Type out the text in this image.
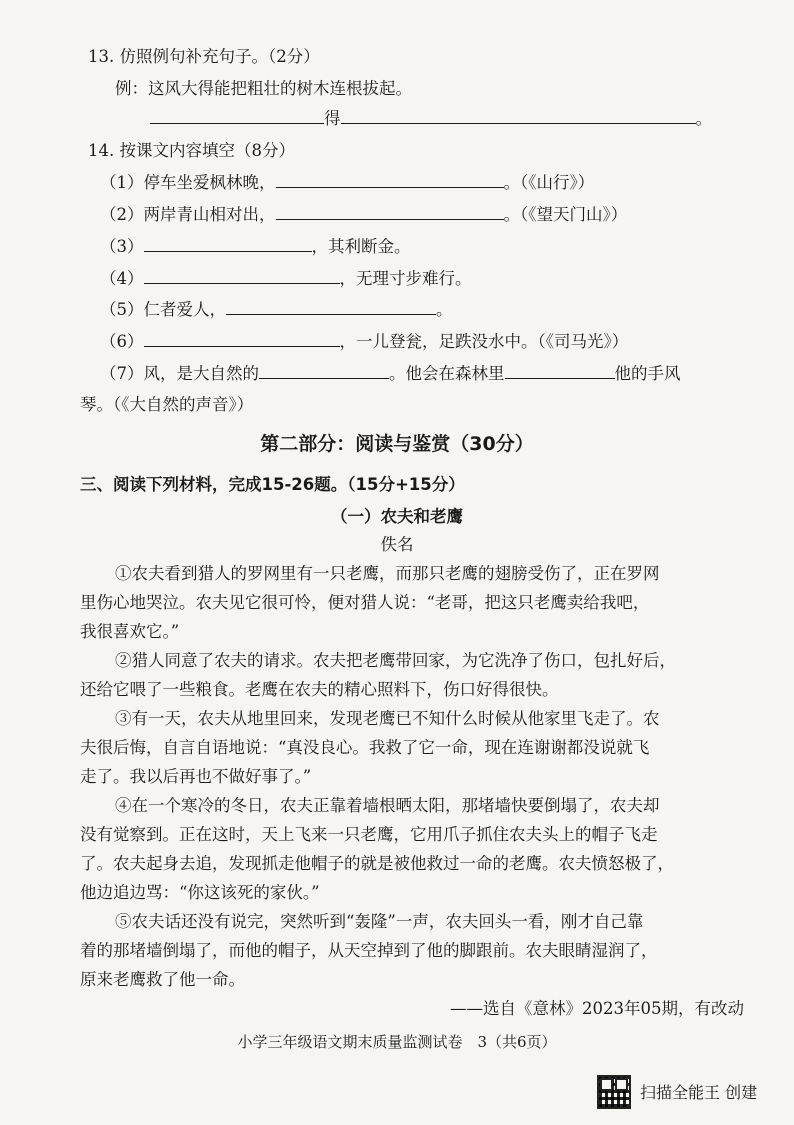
13. 仿照例句补充句子。（2分）
例：这风大得能把粗壮的树木连根拔起。
得	。
14. 按课文内容填空（8分）
（1）停车坐爱枫林晚，	。（《山行》）
（2）两岸青山相对出，	。（《望天门山》）
（3）	，其利断金。
（4）	，无理寸步难行。
（5）仁者爱人，	。
（6）	，一儿登瓮，足跌没水中。（《司马光》）
（7）风，是大自然的	。他会在森林里	他的手风
琴。（《大自然的声音》）
第二部分：阅读与鉴赏（30分）
三、阅读下列材料，完成15-26题。（15分+15分）
（一）农夫和老鹰
佚名
①农夫看到猎人的罗网里有一只老鹰，而那只老鹰的翅膀受伤了，正在罗网
里伤心地哭泣。农夫见它很可怜，便对猎人说：“老哥，把这只老鹰卖给我吧，
我很喜欢它。”
②猎人同意了农夫的请求。农夫把老鹰带回家，为它洗净了伤口，包扎好后，
还给它喂了一些粮食。老鹰在农夫的精心照料下，伤口好得很快。
③有一天，农夫从地里回来，发现老鹰已不知什么时候从他家里飞走了。农
夫很后悔，自言自语地说：“真没良心。我救了它一命，现在连谢谢都没说就飞
走了。我以后再也不做好事了。”
④在一个寒冷的冬日，农夫正靠着墙根晒太阳，那堵墙快要倒塌了，农夫却
没有觉察到。正在这时，天上飞来一只老鹰，它用爪子抓住农夫头上的帽子飞走
了。农夫起身去追，发现抓走他帽子的就是被他救过一命的老鹰。农夫愤怒极了，
他边追边骂：“你这该死的家伙。”
⑤农夫话还没有说完，突然听到“轰隆”一声，农夫回头一看，刚才自己靠
着的那堵墙倒塌了，而他的帽子，从天空掉到了他的脚跟前。农夫眼睛湿润了，
原来老鹰救了他一命。
——选自《意林》2023年05期，有改动
小学三年级语文期末质量监测试卷　3（共6页）
扫描全能王 创建
